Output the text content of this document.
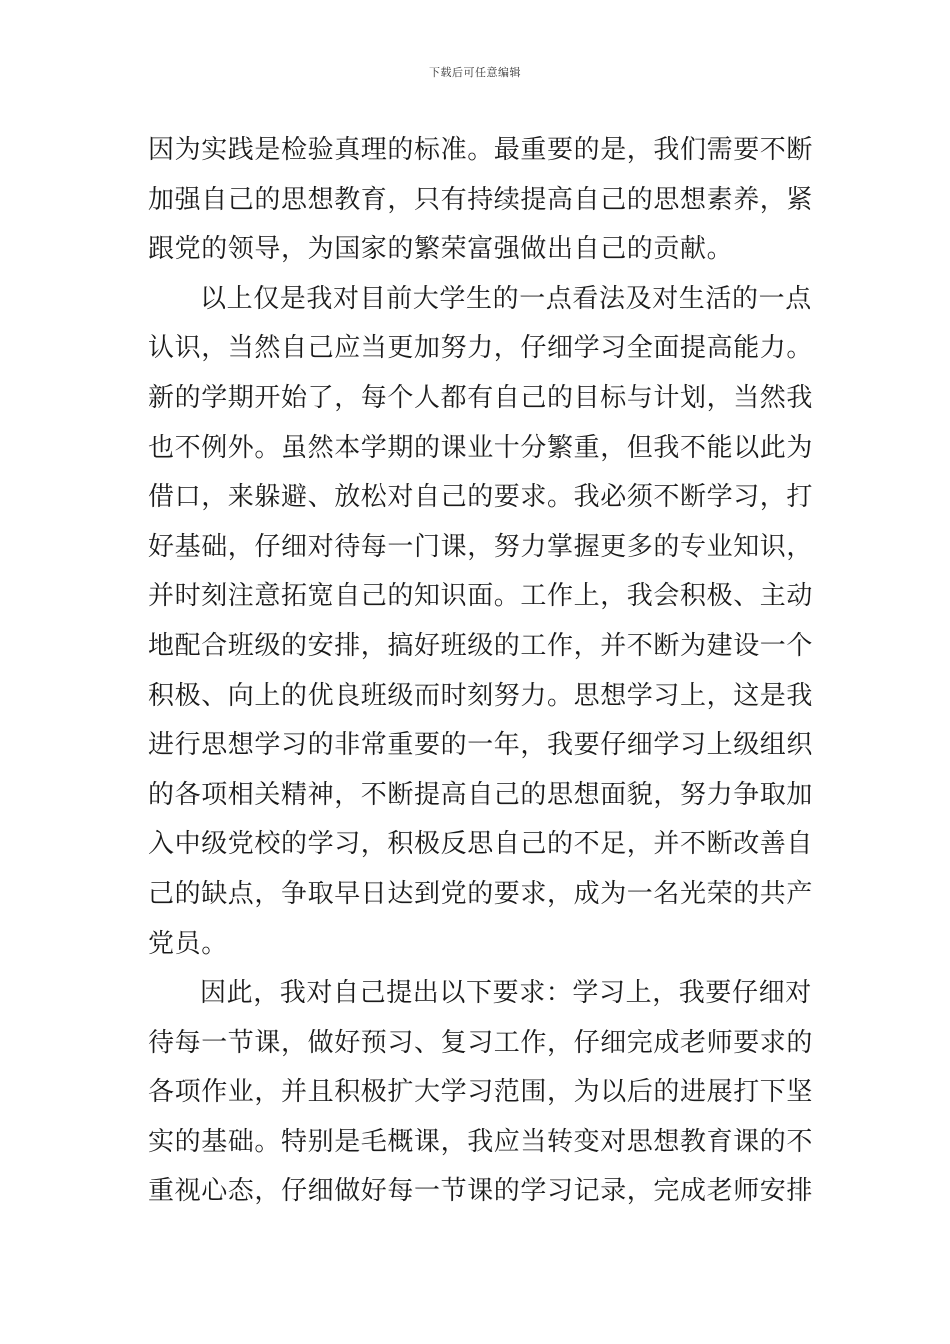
下载后可任意编辑
因为实践是检验真理的标准。最重要的是，我们需要不断
加强自己的思想教育，只有持续提高自己的思想素养，紧
跟党的领导，为国家的繁荣富强做出自己的贡献。
以上仅是我对目前大学生的一点看法及对生活的一点
认识，当然自己应当更加努力，仔细学习全面提高能力。
新的学期开始了，每个人都有自己的目标与计划，当然我
也不例外。虽然本学期的课业十分繁重，但我不能以此为
借口，来躲避、放松对自己的要求。我必须不断学习，打
好基础，仔细对待每一门课，努力掌握更多的专业知识，
并时刻注意拓宽自己的知识面。工作上，我会积极、主动
地配合班级的安排，搞好班级的工作，并不断为建设一个
积极、向上的优良班级而时刻努力。思想学习上，这是我
进行思想学习的非常重要的一年，我要仔细学习上级组织
的各项相关精神，不断提高自己的思想面貌，努力争取加
入中级党校的学习，积极反思自己的不足，并不断改善自
己的缺点，争取早日达到党的要求，成为一名光荣的共产
党员。
因此，我对自己提出以下要求：学习上，我要仔细对
待每一节课，做好预习、复习工作，仔细完成老师要求的
各项作业，并且积极扩大学习范围，为以后的进展打下坚
实的基础。特别是毛概课，我应当转变对思想教育课的不
重视心态，仔细做好每一节课的学习记录，完成老师安排
